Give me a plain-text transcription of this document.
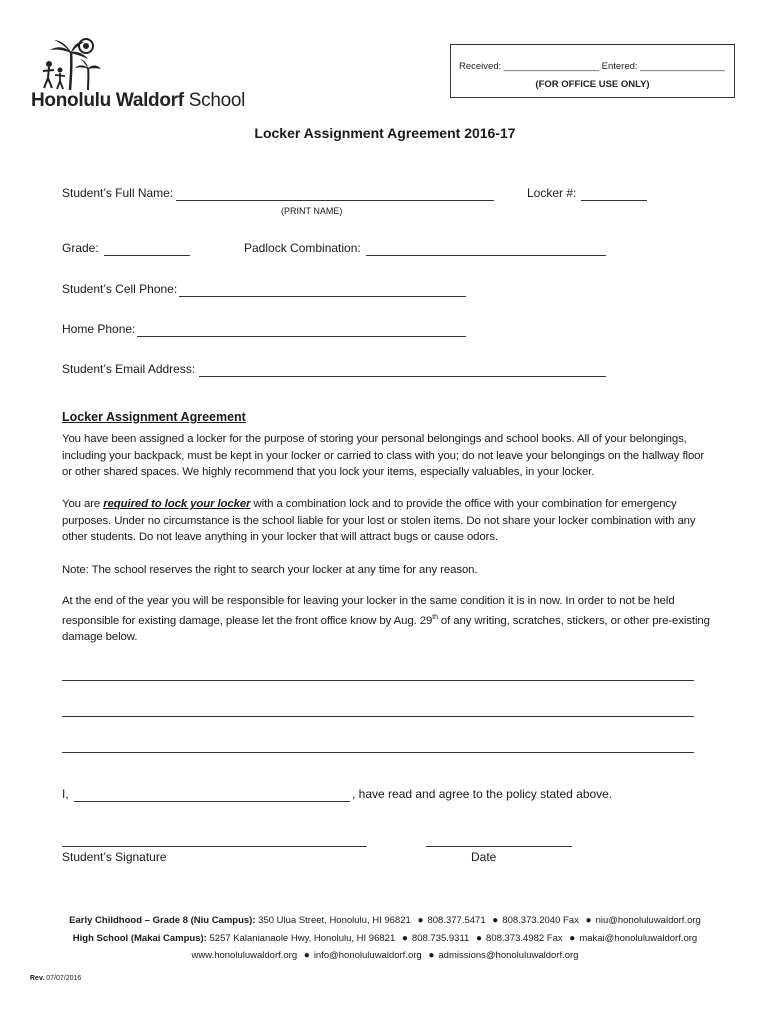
Honolulu Waldorf School
Received: __________________ Entered: ________________
(FOR OFFICE USE ONLY)
Locker Assignment Agreement 2016-17
Student’s Full Name:
(PRINT NAME)
Locker #:
Grade:	Padlock Combination:
Student’s Cell Phone:
Home Phone:
Student’s Email Address:
Locker Assignment Agreement
You have been assigned a locker for the purpose of storing your personal belongings and school books. All of your belongings, including your backpack, must be kept in your locker or carried to class with you; do not leave your belongings on the hallway floor or other shared spaces. We highly recommend that you lock your items, especially valuables, in your locker.
You are required to lock your locker with a combination lock and to provide the office with your combination for emergency purposes. Under no circumstance is the school liable for your lost or stolen items. Do not share your locker combination with any other students. Do not leave anything in your locker that will attract bugs or cause odors.
Note: The school reserves the right to search your locker at any time for any reason.
At the end of the year you will be responsible for leaving your locker in the same condition it is in now. In order to not be held responsible for existing damage, please let the front office know by Aug. 29th of any writing, scratches, stickers, or other pre-existing damage below.
I,	, have read and agree to the policy stated above.
Student’s Signature	Date
Early Childhood – Grade 8 (Niu Campus): 350 Ulua Street, Honolulu, HI 96821 ● 808.377.5471 ● 808.373.2040 Fax ● niu@honoluluwaldorf.org
High School (Makai Campus): 5257 Kalanianaole Hwy, Honolulu, HI 96821 ● 808.735.9311 ● 808.373.4982 Fax ● makai@honoluluwaldorf.org
www.honoluluwaldorf.org ● info@honoluluwaldorf.org ● admissions@honoluluwaldorf.org
Rev. 07/07/2016
